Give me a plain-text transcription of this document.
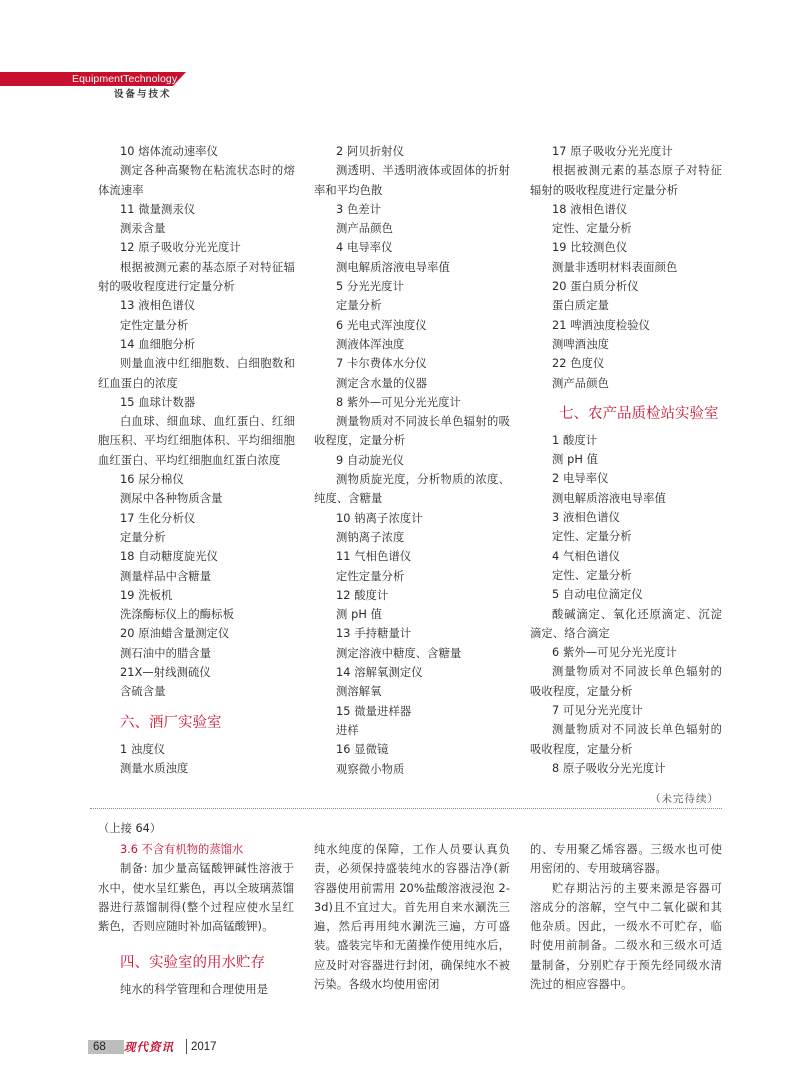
EquipmentTechnology
设备与技术

10 熔体流动速率仪

测定各种高聚物在粘流状态时的熔体流速率

11 微量测汞仪

测汞含量

12 原子吸收分光光度计

根据被测元素的基态原子对特征辐射的吸收程度进行定量分析

13 液相色谱仪

定性定量分析

14 血细胞分析

则量血液中红细胞数、白细胞数和红血蛋白的浓度

15 血球计数器

白血球、细血球、血红蛋白、红细胞压积、平均红细胞体积、平均细细胞血红蛋白、平均红细胞血红蛋白浓度

16 尿分棉仪

测尿中各种物质含量

17 生化分析仪

定量分析

18 自动糖度旋光仪

测量样品中含糖量

19 洗板机

洗涤酶标仪上的酶标板

20 原油蜡含量测定仪

测石油中的腊含量

21X—射线测硫仪

含硫含量

六、酒厂实验室

1 浊度仪

测量水质浊度

2 阿贝折射仪

测透明、半透明液体或固体的折射率和平均色散

3 色差计

测产品颜色

4 电导率仪

测电解质溶液电导率值

5 分光光度计

定量分析

6 光电式浑浊度仪

测液体浑浊度

7 卡尔费体水分仪

测定含水量的仪器

8 紫外—可见分光光度计

测量物质对不同波长单色辐射的吸收程度，定量分析

9 自动旋光仪

测物质旋光度，分析物质的浓度、纯度、含糖量

10 钠离子浓度计

测钠离子浓度

11 气相色谱仪

定性定量分析

12 酸度计

测 pH 值

13 手持糖量计

测定溶液中糖度、含糖量

14 溶解氧测定仪

测溶解氧

15 微量进样器

进样

16 显微镜

观察微小物质

17 原子吸收分光光度计

根据被测元素的基态原子对特征辐射的吸收程度进行定量分析

18 液相色谱仪

定性、定量分析

19 比较测色仪

测量非透明材料表面颜色

20 蛋白质分析仪

蛋白质定量

21 啤酒浊度检验仪

测啤酒浊度

22 色度仪

测产品颜色

七、农产品质检站实验室

1 酸度计

测 pH 值

2 电导率仪

测电解质溶液电导率值

3 液相色谱仪

定性、定量分析

4 气相色谱仪

定性、定量分析

5 自动电位滴定仪

酸碱滴定、氧化还原滴定、沉淀滴定、络合滴定

6 紫外—可见分光光度计

测量物质对不同波长单色辐射的吸收程度，定量分析

7 可见分光光度计

测量物质对不同波长单色辐射的吸收程度，定量分析

8 原子吸收分光光度计

（未完待续）
（上接 64）

3.6 不含有机物的蒸馏水

制备: 加少量高锰酸钾碱性溶液于水中，使水呈红紫色，再以全玻璃蒸馏器进行蒸馏制得(整个过程应使水呈红紫色，否则应随时补加高锰酸钾)。

四、实验室的用水贮存

纯水的科学管理和合理使用是

纯水纯度的保障，工作人员要认真负责，必须保持盛装纯水的容器洁净(新容器使用前需用 20%盐酸溶液浸泡 2-3d)且不宜过大。首先用自来水涮洗三遍，然后再用纯水涮洗三遍，方可盛装。盛装完毕和无菌操作使用纯水后，应及时对容器进行封闭，确保纯水不被污染。各级水均使用密闭

的、专用聚乙烯容器。三级水也可使用密闭的、专用玻璃容器。

贮存期沾污的主要来源是容器可溶成分的溶解，空气中二氧化碳和其他杂质。因此，一级水不可贮存，临时使用前制备。二级水和三级水可适量制备，分别贮存于预先经同级水清洗过的相应容器中。

68 现代资讯 2017
